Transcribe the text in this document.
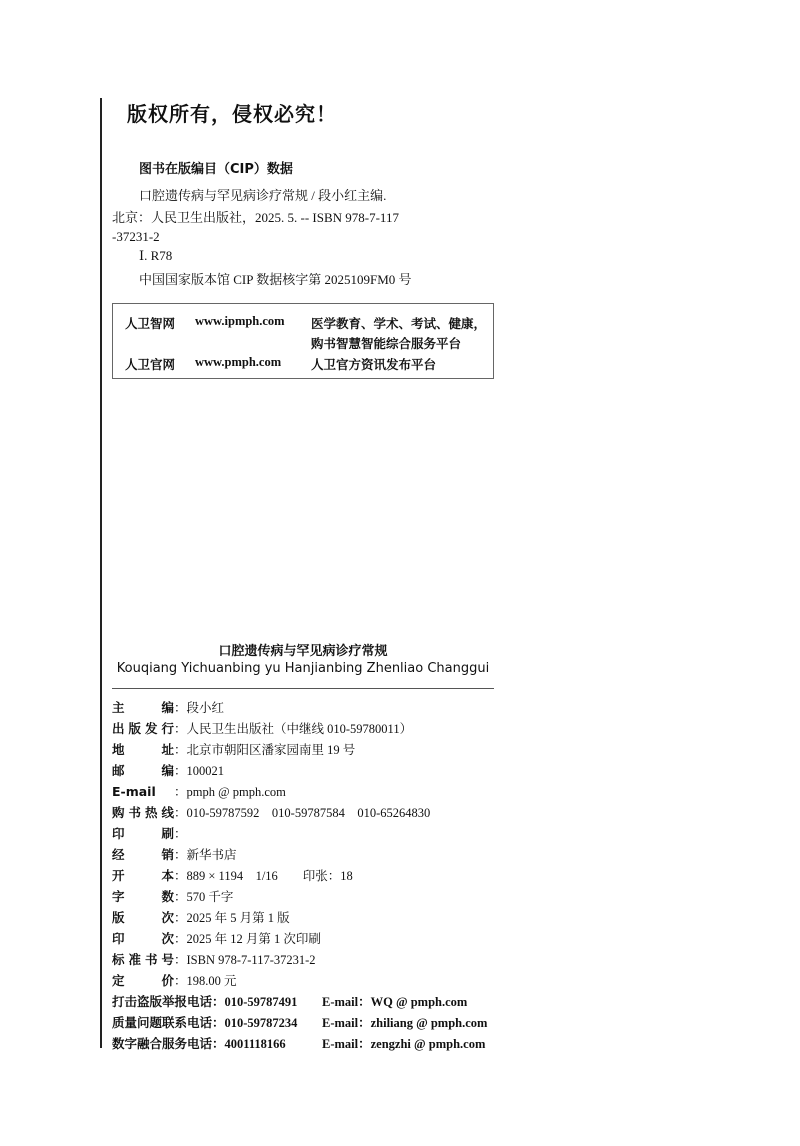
版权所有，侵权必究！
图书在版编目（CIP）数据
口腔遗传病与罕见病诊疗常规 / 段小红主编.
北京：人民卫生出版社，2025. 5. -- ISBN 978-7-117
-37231-2
Ⅰ. R78
中国国家版本馆 CIP 数据核字第 2025109FM0 号
人卫智网 www.ipmph.com 医学教育、学术、考试、健康，
购书智慧智能综合服务平台
人卫官网 www.pmph.com 人卫官方资讯发布平台
口腔遗传病与罕见病诊疗常规
Kouqiang Yichuanbing yu Hanjianbing Zhenliao Changgui
主编：段小红
出版发行：人民卫生出版社（中继线 010-59780011）
地址：北京市朝阳区潘家园南里 19 号
邮编：100021
E-mail ：pmph @ pmph.com
购书热线：010-59787592　010-59787584　010-65264830
印刷：
经销：新华书店
开本：889 × 1194　1/16　　印张：18
字数：570 千字
版次：2025 年 5 月第 1 版
印次：2025 年 12 月第 1 次印刷
标准书号：ISBN 978-7-117-37231-2
定价：198.00 元
打击盗版举报电话：010-59787491 E-mail：WQ @ pmph.com
质量问题联系电话：010-59787234 E-mail：zhiliang @ pmph.com
数字融合服务电话：4001118166	E-mail：zengzhi @ pmph.com
